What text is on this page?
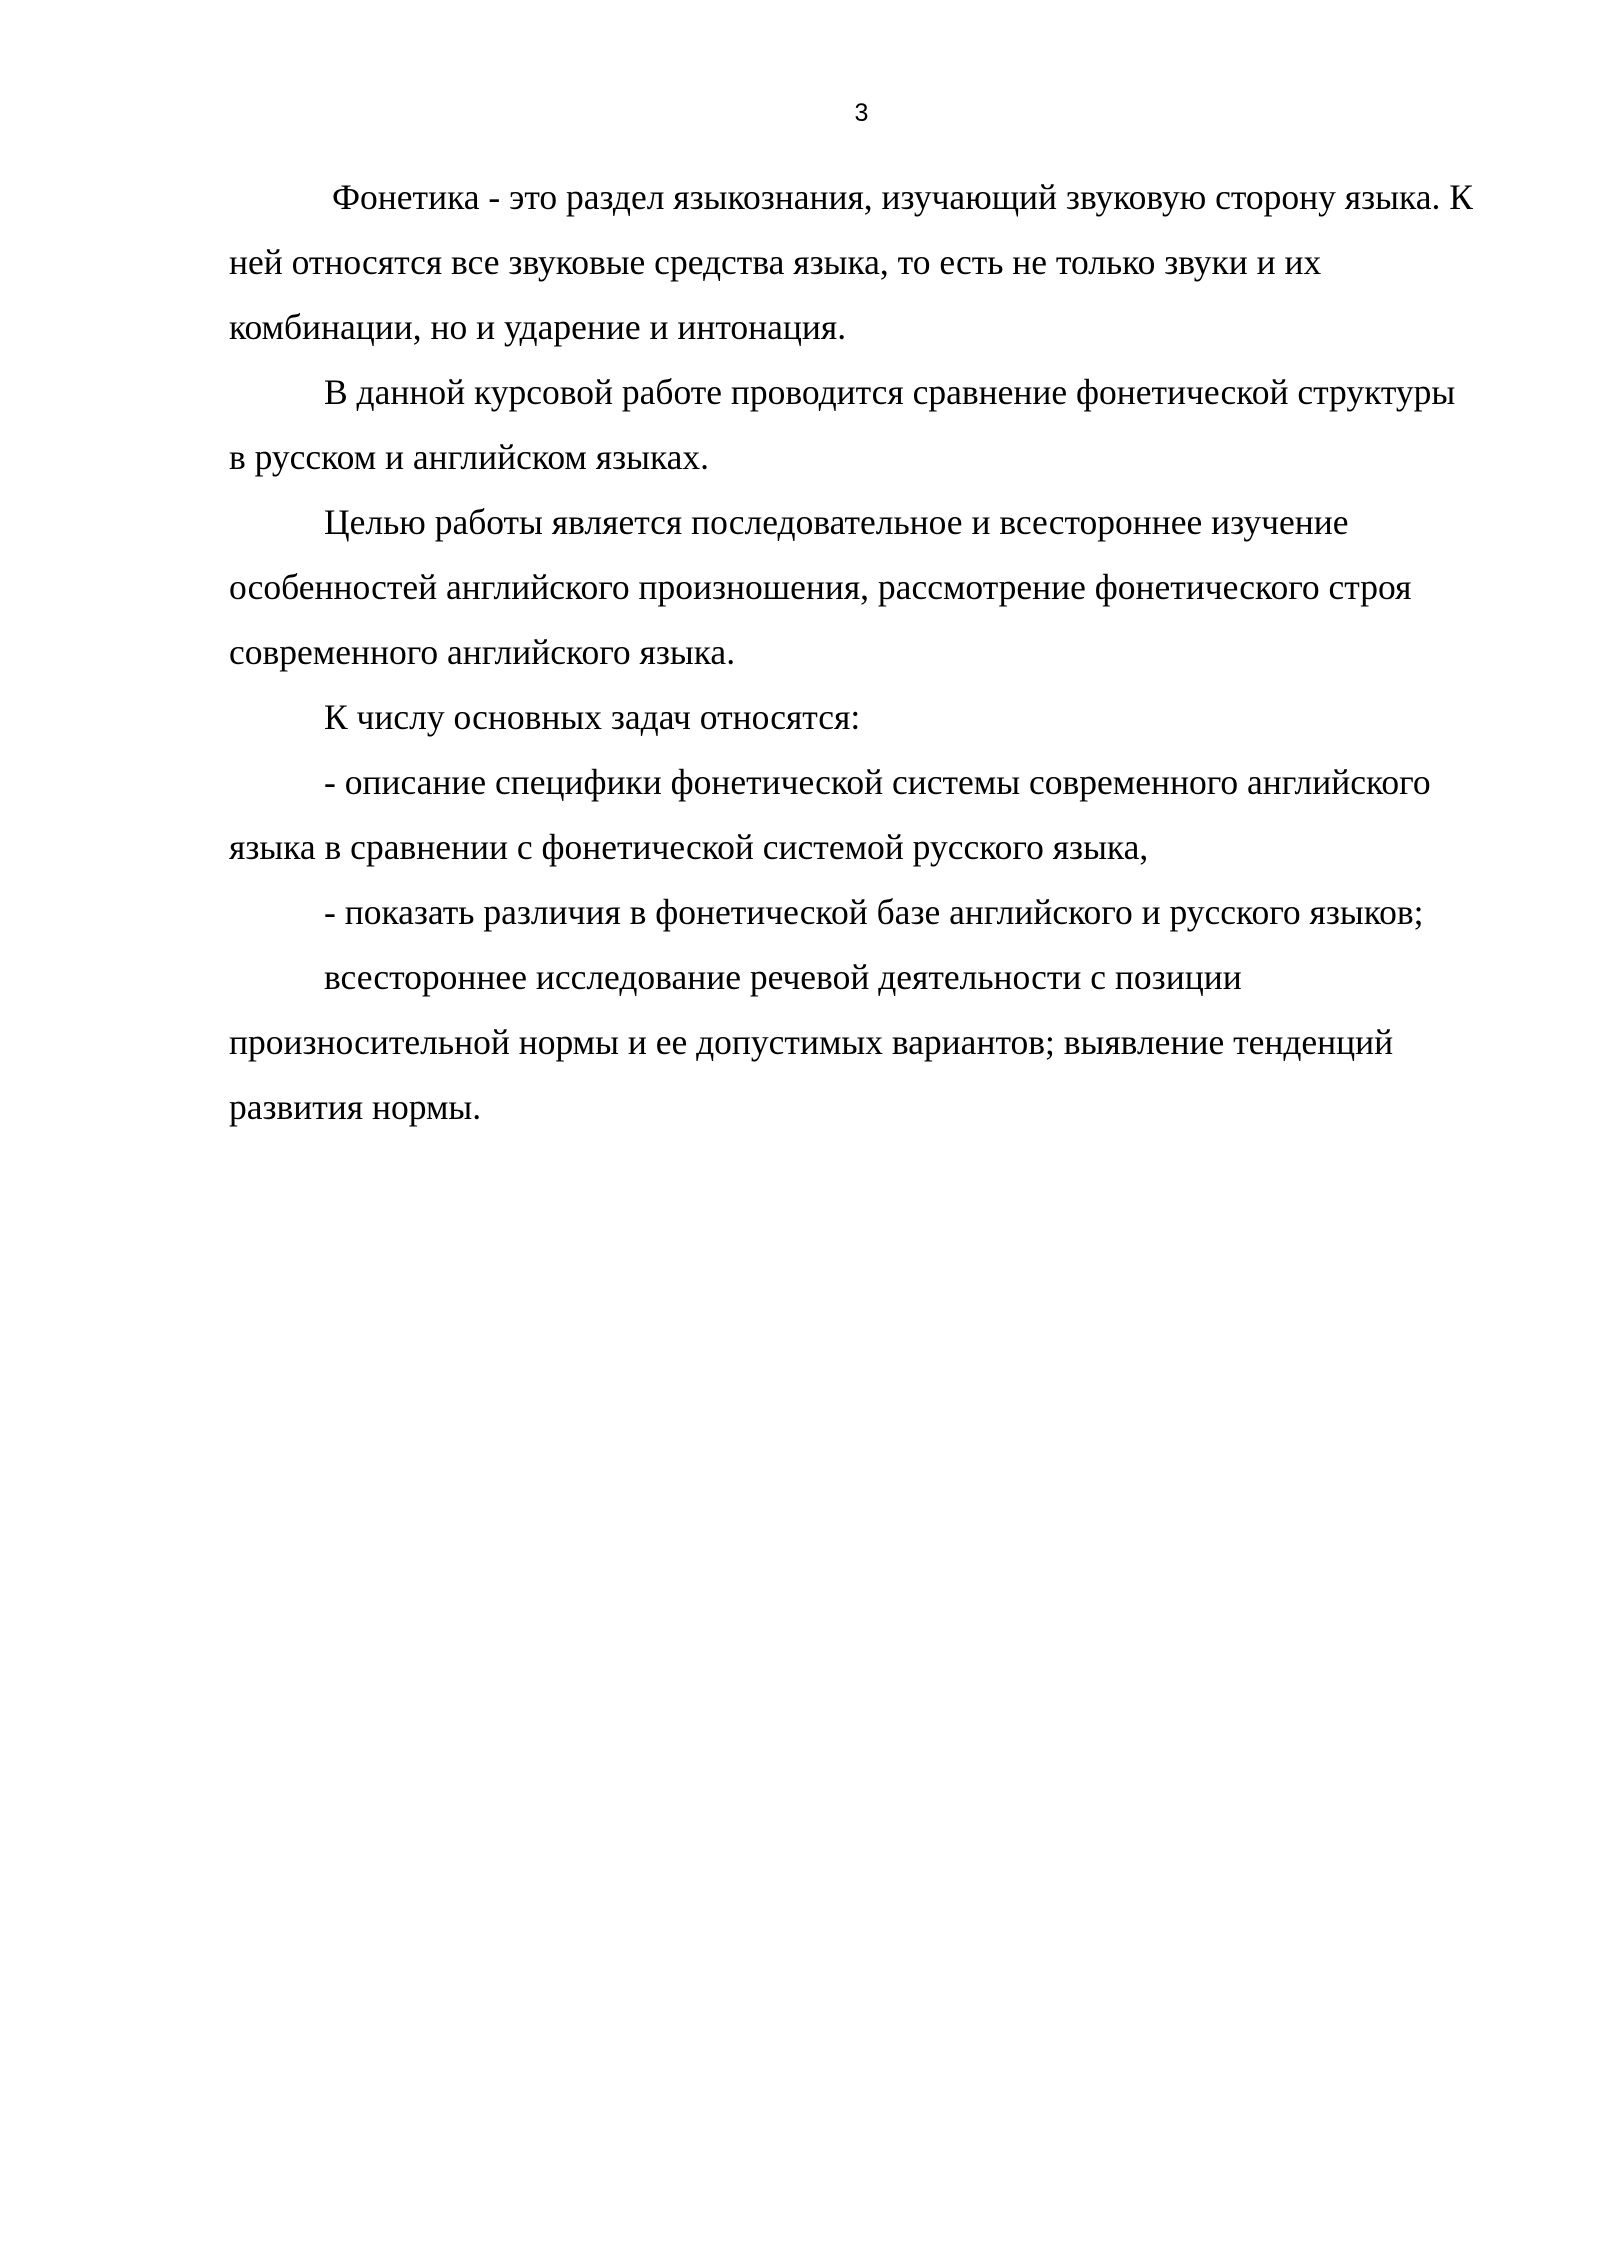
3

Фонетика - это раздел языкознания, изучающий звуковую сторону языка. К ней относятся все звуковые средства языка, то есть не только звуки и их комбинации, но и ударение и интонация.

В данной курсовой работе проводится сравнение фонетической структуры в русском и английском языках.

Целью работы является последовательное и всестороннее изучение особенностей английского произношения, рассмотрение фонетического строя современного английского языка.

К числу основных задач относятся:

- описание специфики фонетической системы современного английского языка в сравнении с фонетической системой русского языка,

- показать различия в фонетической базе английского и русского языков;

всестороннее исследование речевой деятельности с позиции произносительной нормы и ее допустимых вариантов; выявление тенденций развития нормы.
